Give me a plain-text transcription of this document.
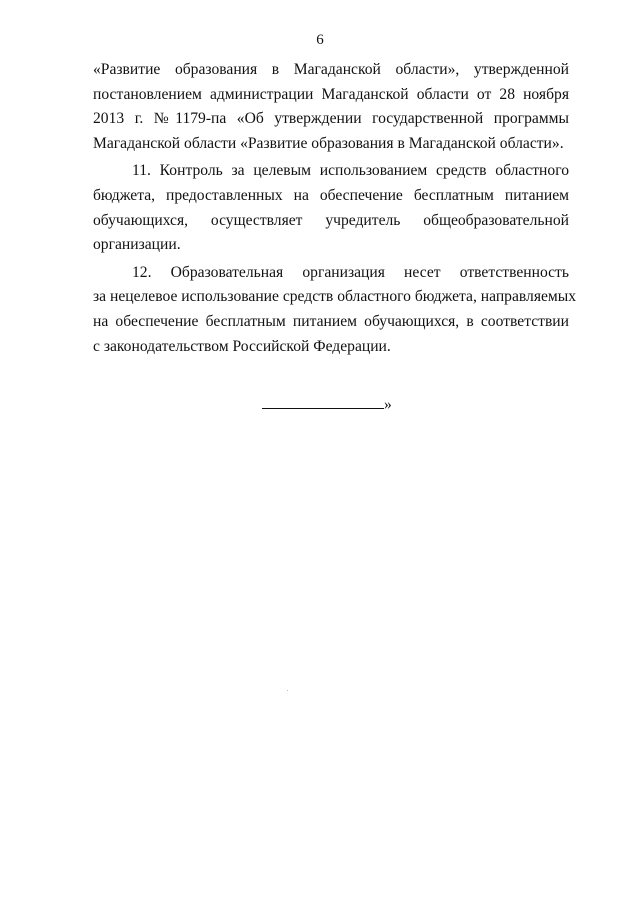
6

«Развитие образования в Магаданской области», утвержденной
постановлением администрации Магаданской области от 28 ноября
2013 г. №1179-па «Об утверждении государственной программы
Магаданской области «Развитие образования в Магаданской области».

11. Контроль за целевым использованием средств областного
бюджета, предоставленных на обеспечение бесплатным питанием
обучающихся, осуществляет учредитель общеобразовательной
организации.

12. Образовательная организация несет ответственность
за нецелевое использование средств областного бюджета, направляемых
на обеспечение бесплатным питанием обучающихся, в соответствии
с законодательством Российской Федерации.

»
